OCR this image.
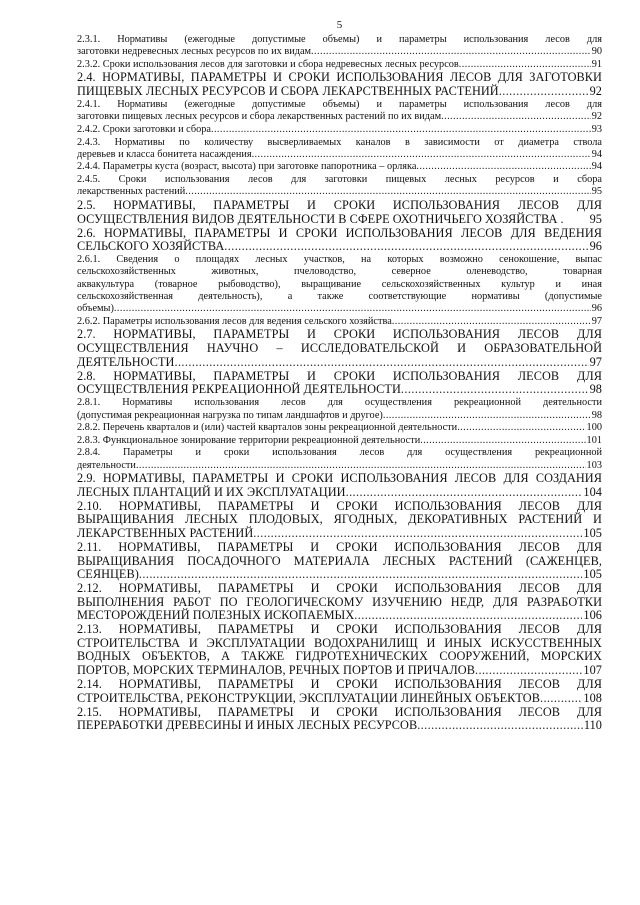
5
2.3.1. Нормативы (ежегодные допустимые объемы) и параметры использования лесов для
заготовки недревесных лесных ресурсов по их видам .....	90
2.3.2. Сроки использования лесов для заготовки и сбора недревесных лесных ресурсов .....	91
2.4. НОРМАТИВЫ, ПАРАМЕТРЫ И СРОКИ ИСПОЛЬЗОВАНИЯ ЛЕСОВ ДЛЯ ЗАГОТОВКИ
ПИЩЕВЫХ ЛЕСНЫХ РЕСУРСОВ И СБОРА ЛЕКАРСТВЕННЫХ РАСТЕНИЙ .....	92
2.4.1. Нормативы (ежегодные допустимые объемы) и параметры использования лесов для
заготовки пищевых лесных ресурсов и сбора лекарственных растений по их видам .....	92
2.4.2. Сроки заготовки и сбора .....	93
2.4.3. Нормативы по количеству высверливаемых каналов в зависимости от диаметра ствола
деревьев и класса бонитета насаждения .....	94
2.4.4. Параметры куста (возраст, высота) при заготовке папоротника – орляка .....	94
2.4.5. Сроки использования лесов для заготовки пищевых лесных ресурсов и сбора
лекарственных растений .....	95
2.5. НОРМАТИВЫ, ПАРАМЕТРЫ И СРОКИ ИСПОЛЬЗОВАНИЯ ЛЕСОВ ДЛЯ
ОСУЩЕСТВЛЕНИЯ ВИДОВ ДЕЯТЕЛЬНОСТИ В СФЕРЕ ОХОТНИЧЬЕГО ХОЗЯЙСТВА . 95
2.6. НОРМАТИВЫ, ПАРАМЕТРЫ И СРОКИ ИСПОЛЬЗОВАНИЯ ЛЕСОВ ДЛЯ ВЕДЕНИЯ
СЕЛЬСКОГО ХОЗЯЙСТВА .....	96
2.6.1. Сведения о площадях лесных участков, на которых возможно сенокошение, выпас
сельскохозяйственных животных, пчеловодство, северное оленеводство, товарная
аквакультура (товарное рыбоводство), выращивание сельскохозяйственных культур и иная
сельскохозяйственная деятельность), а также соответствующие нормативы (допустимые
объемы) .....	96
2.6.2. Параметры использования лесов для ведения сельского хозяйства .....	97
2.7. НОРМАТИВЫ, ПАРАМЕТРЫ И СРОКИ ИСПОЛЬЗОВАНИЯ ЛЕСОВ ДЛЯ
ОСУЩЕСТВЛЕНИЯ НАУЧНО – ИССЛЕДОВАТЕЛЬСКОЙ И ОБРАЗОВАТЕЛЬНОЙ
ДЕЯТЕЛЬНОСТИ .....	97
2.8. НОРМАТИВЫ, ПАРАМЕТРЫ И СРОКИ ИСПОЛЬЗОВАНИЯ ЛЕСОВ ДЛЯ
ОСУЩЕСТВЛЕНИЯ РЕКРЕАЦИОННОЙ ДЕЯТЕЛЬНОСТИ .....	98
2.8.1. Нормативы использования лесов для осуществления рекреационной деятельности
(допустимая рекреационная нагрузка по типам ландшафтов и другое) .....	98
2.8.2. Перечень кварталов и (или) частей кварталов зоны рекреационной деятельности .....	100
2.8.3. Функциональное зонирование территории рекреационной деятельности .....	101
2.8.4. Параметры и сроки использования лесов для осуществления рекреационной
деятельности .....	103
2.9. НОРМАТИВЫ, ПАРАМЕТРЫ И СРОКИ ИСПОЛЬЗОВАНИЯ ЛЕСОВ ДЛЯ СОЗДАНИЯ
ЛЕСНЫХ ПЛАНТАЦИЙ И ИХ ЭКСПЛУАТАЦИИ .....	104
2.10. НОРМАТИВЫ, ПАРАМЕТРЫ И СРОКИ ИСПОЛЬЗОВАНИЯ ЛЕСОВ ДЛЯ
ВЫРАЩИВАНИЯ ЛЕСНЫХ ПЛОДОВЫХ, ЯГОДНЫХ, ДЕКОРАТИВНЫХ РАСТЕНИЙ И
ЛЕКАРСТВЕННЫХ РАСТЕНИЙ .....	105
2.11. НОРМАТИВЫ, ПАРАМЕТРЫ И СРОКИ ИСПОЛЬЗОВАНИЯ ЛЕСОВ ДЛЯ
ВЫРАЩИВАНИЯ ПОСАДОЧНОГО МАТЕРИАЛА ЛЕСНЫХ РАСТЕНИЙ (САЖЕНЦЕВ,
СЕЯНЦЕВ) .....	105
2.12. НОРМАТИВЫ, ПАРАМЕТРЫ И СРОКИ ИСПОЛЬЗОВАНИЯ ЛЕСОВ ДЛЯ
ВЫПОЛНЕНИЯ РАБОТ ПО ГЕОЛОГИЧЕСКОМУ ИЗУЧЕНИЮ НЕДР, ДЛЯ РАЗРАБОТКИ
МЕСТОРОЖДЕНИЙ ПОЛЕЗНЫХ ИСКОПАЕМЫХ .....	106
2.13. НОРМАТИВЫ, ПАРАМЕТРЫ И СРОКИ ИСПОЛЬЗОВАНИЯ ЛЕСОВ ДЛЯ
СТРОИТЕЛЬСТВА И ЭКСПЛУАТАЦИИ ВОДОХРАНИЛИЩ И ИНЫХ ИСКУССТВЕННЫХ
ВОДНЫХ ОБЪЕКТОВ, А ТАКЖЕ ГИДРОТЕХНИЧЕСКИХ СООРУЖЕНИЙ, МОРСКИХ
ПОРТОВ, МОРСКИХ ТЕРМИНАЛОВ, РЕЧНЫХ ПОРТОВ И ПРИЧАЛОВ .....	107
2.14. НОРМАТИВЫ, ПАРАМЕТРЫ И СРОКИ ИСПОЛЬЗОВАНИЯ ЛЕСОВ ДЛЯ
СТРОИТЕЛЬСТВА, РЕКОНСТРУКЦИИ, ЭКСПЛУАТАЦИИ ЛИНЕЙНЫХ ОБЪЕКТОВ .....	108
2.15. НОРМАТИВЫ, ПАРАМЕТРЫ И СРОКИ ИСПОЛЬЗОВАНИЯ ЛЕСОВ ДЛЯ
ПЕРЕРАБОТКИ ДРЕВЕСИНЫ И ИНЫХ ЛЕСНЫХ РЕСУРСОВ .....	110
